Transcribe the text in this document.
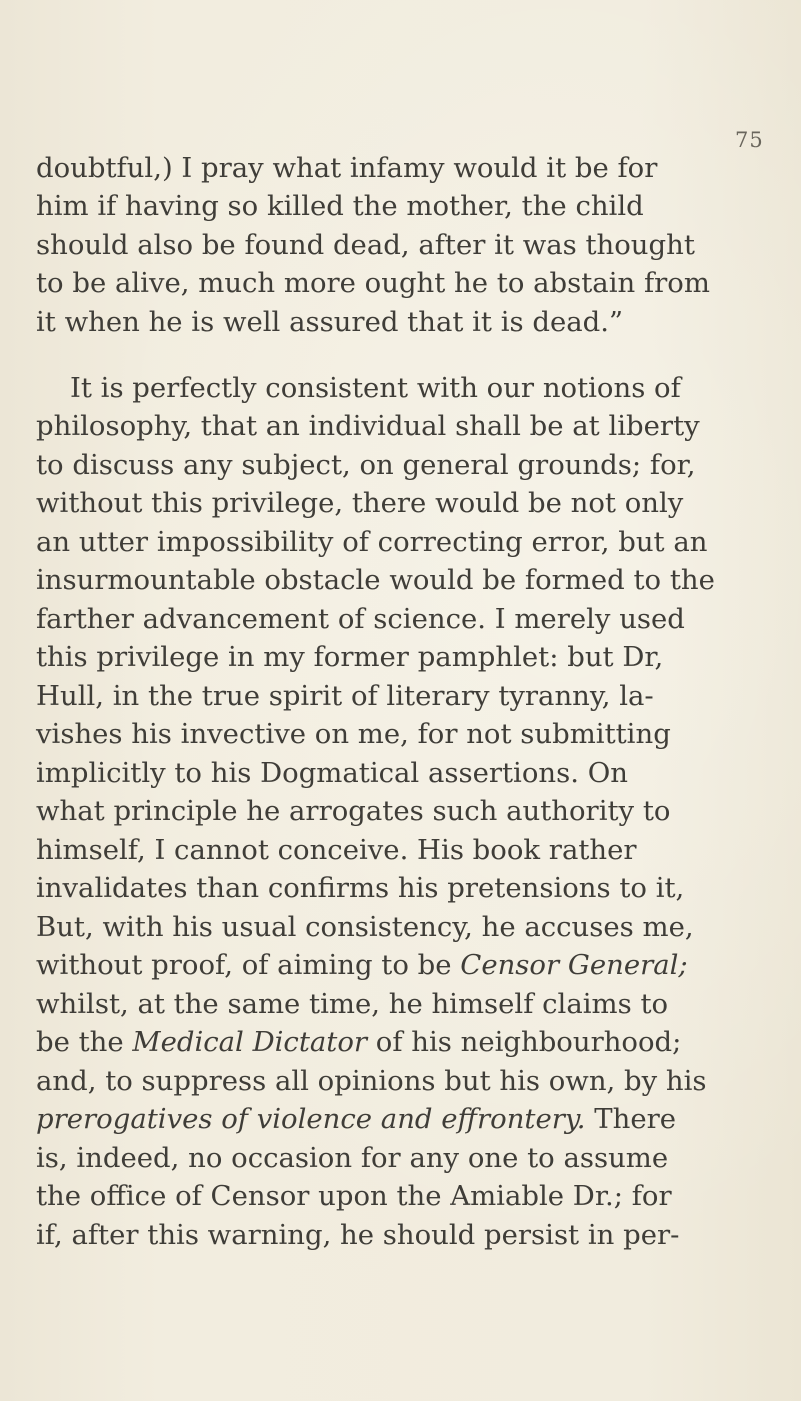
75
doubtful,) I pray what infamy would it be for
him if having so killed the mother, the child
should also be found dead, after it was thought
to be alive, much more ought he to abstain from
it when he is well assured that it is dead.”
It is perfectly consistent with our notions of
philosophy, that an individual shall be at liberty
to discuss any subject, on general grounds; for,
without this privilege, there would be not only
an utter impossibility of correcting error, but an
insurmountable obstacle would be formed to the
farther advancement of science. I merely used
this privilege in my former pamphlet: but Dr,
Hull, in the true spirit of literary tyranny, la-
vishes his invective on me, for not submitting
implicitly to his Dogmatical assertions. On
what principle he arrogates such authority to
himself, I cannot conceive. His book rather
invalidates than confirms his pretensions to it,
But, with his usual consistency, he accuses me,
without proof, of aiming to be Censor General;
whilst, at the same time, he himself claims to
be the Medical Dictator of his neighbourhood;
and, to suppress all opinions but his own, by his
prerogatives of violence and effrontery. There
is, indeed, no occasion for any one to assume
the office of Censor upon the Amiable Dr.; for
if, after this warning, he should persist in per-
